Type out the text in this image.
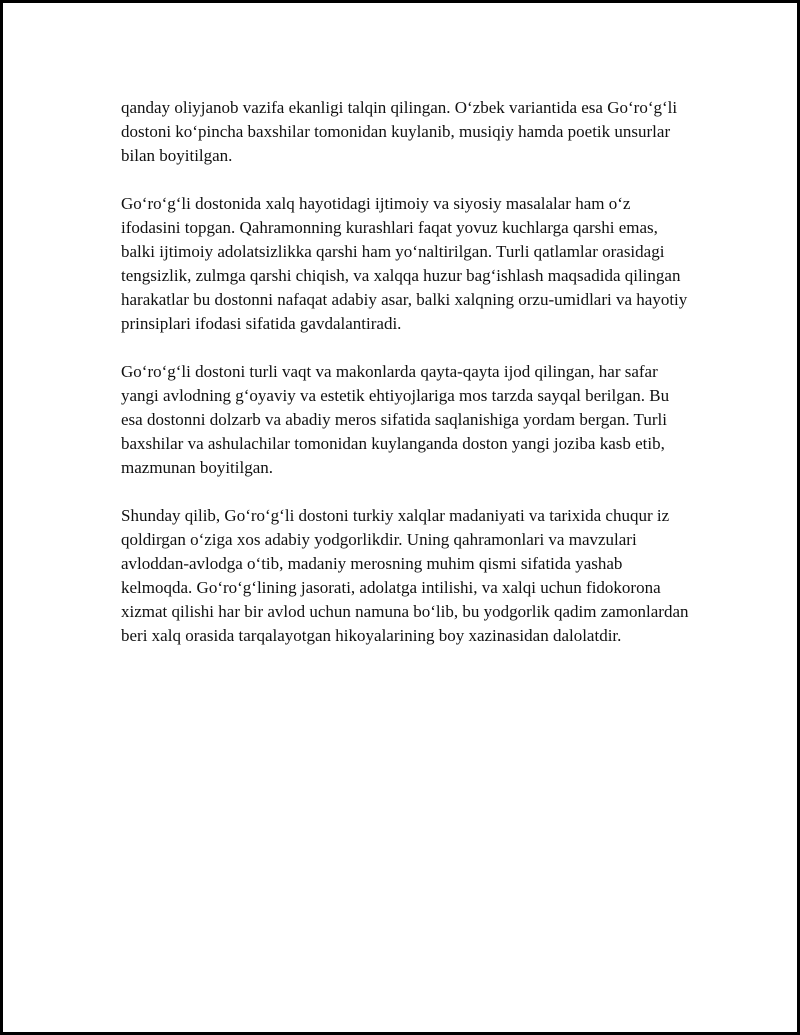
qanday oliyjanob vazifa ekanligi talqin qilingan. O‘zbek variantida esa Go‘ro‘g‘li dostoni ko‘pincha baxshilar tomonidan kuylanib, musiqiy hamda poetik unsurlar bilan boyitilgan.

Go‘ro‘g‘li dostonida xalq hayotidagi ijtimoiy va siyosiy masalalar ham o‘z ifodasini topgan. Qahramonning kurashlari faqat yovuz kuchlarga qarshi emas, balki ijtimoiy adolatsizlikka qarshi ham yo‘naltirilgan. Turli qatlamlar orasidagi tengsizlik, zulmga qarshi chiqish, va xalqqa huzur bag‘ishlash maqsadida qilingan harakatlar bu dostonni nafaqat adabiy asar, balki xalqning orzu-umidlari va hayotiy prinsiplari ifodasi sifatida gavdalantiradi.

Go‘ro‘g‘li dostoni turli vaqt va makonlarda qayta-qayta ijod qilingan, har safar yangi avlodning g‘oyaviy va estetik ehtiyojlariga mos tarzda sayqal berilgan. Bu esa dostonni dolzarb va abadiy meros sifatida saqlanishiga yordam bergan. Turli baxshilar va ashulachilar tomonidan kuylanganda doston yangi joziba kasb etib, mazmunan boyitilgan.

Shunday qilib, Go‘ro‘g‘li dostoni turkiy xalqlar madaniyati va tarixida chuqur iz qoldirgan o‘ziga xos adabiy yodgorlikdir. Uning qahramonlari va mavzulari avloddan-avlodga o‘tib, madaniy merosning muhim qismi sifatida yashab kelmoqda. Go‘ro‘g‘lining jasorati, adolatga intilishi, va xalqi uchun fidokorona xizmat qilishi har bir avlod uchun namuna bo‘lib, bu yodgorlik qadim zamonlardan beri xalq orasida tarqalayotgan hikoyalarining boy xazinasidan dalolatdir.
